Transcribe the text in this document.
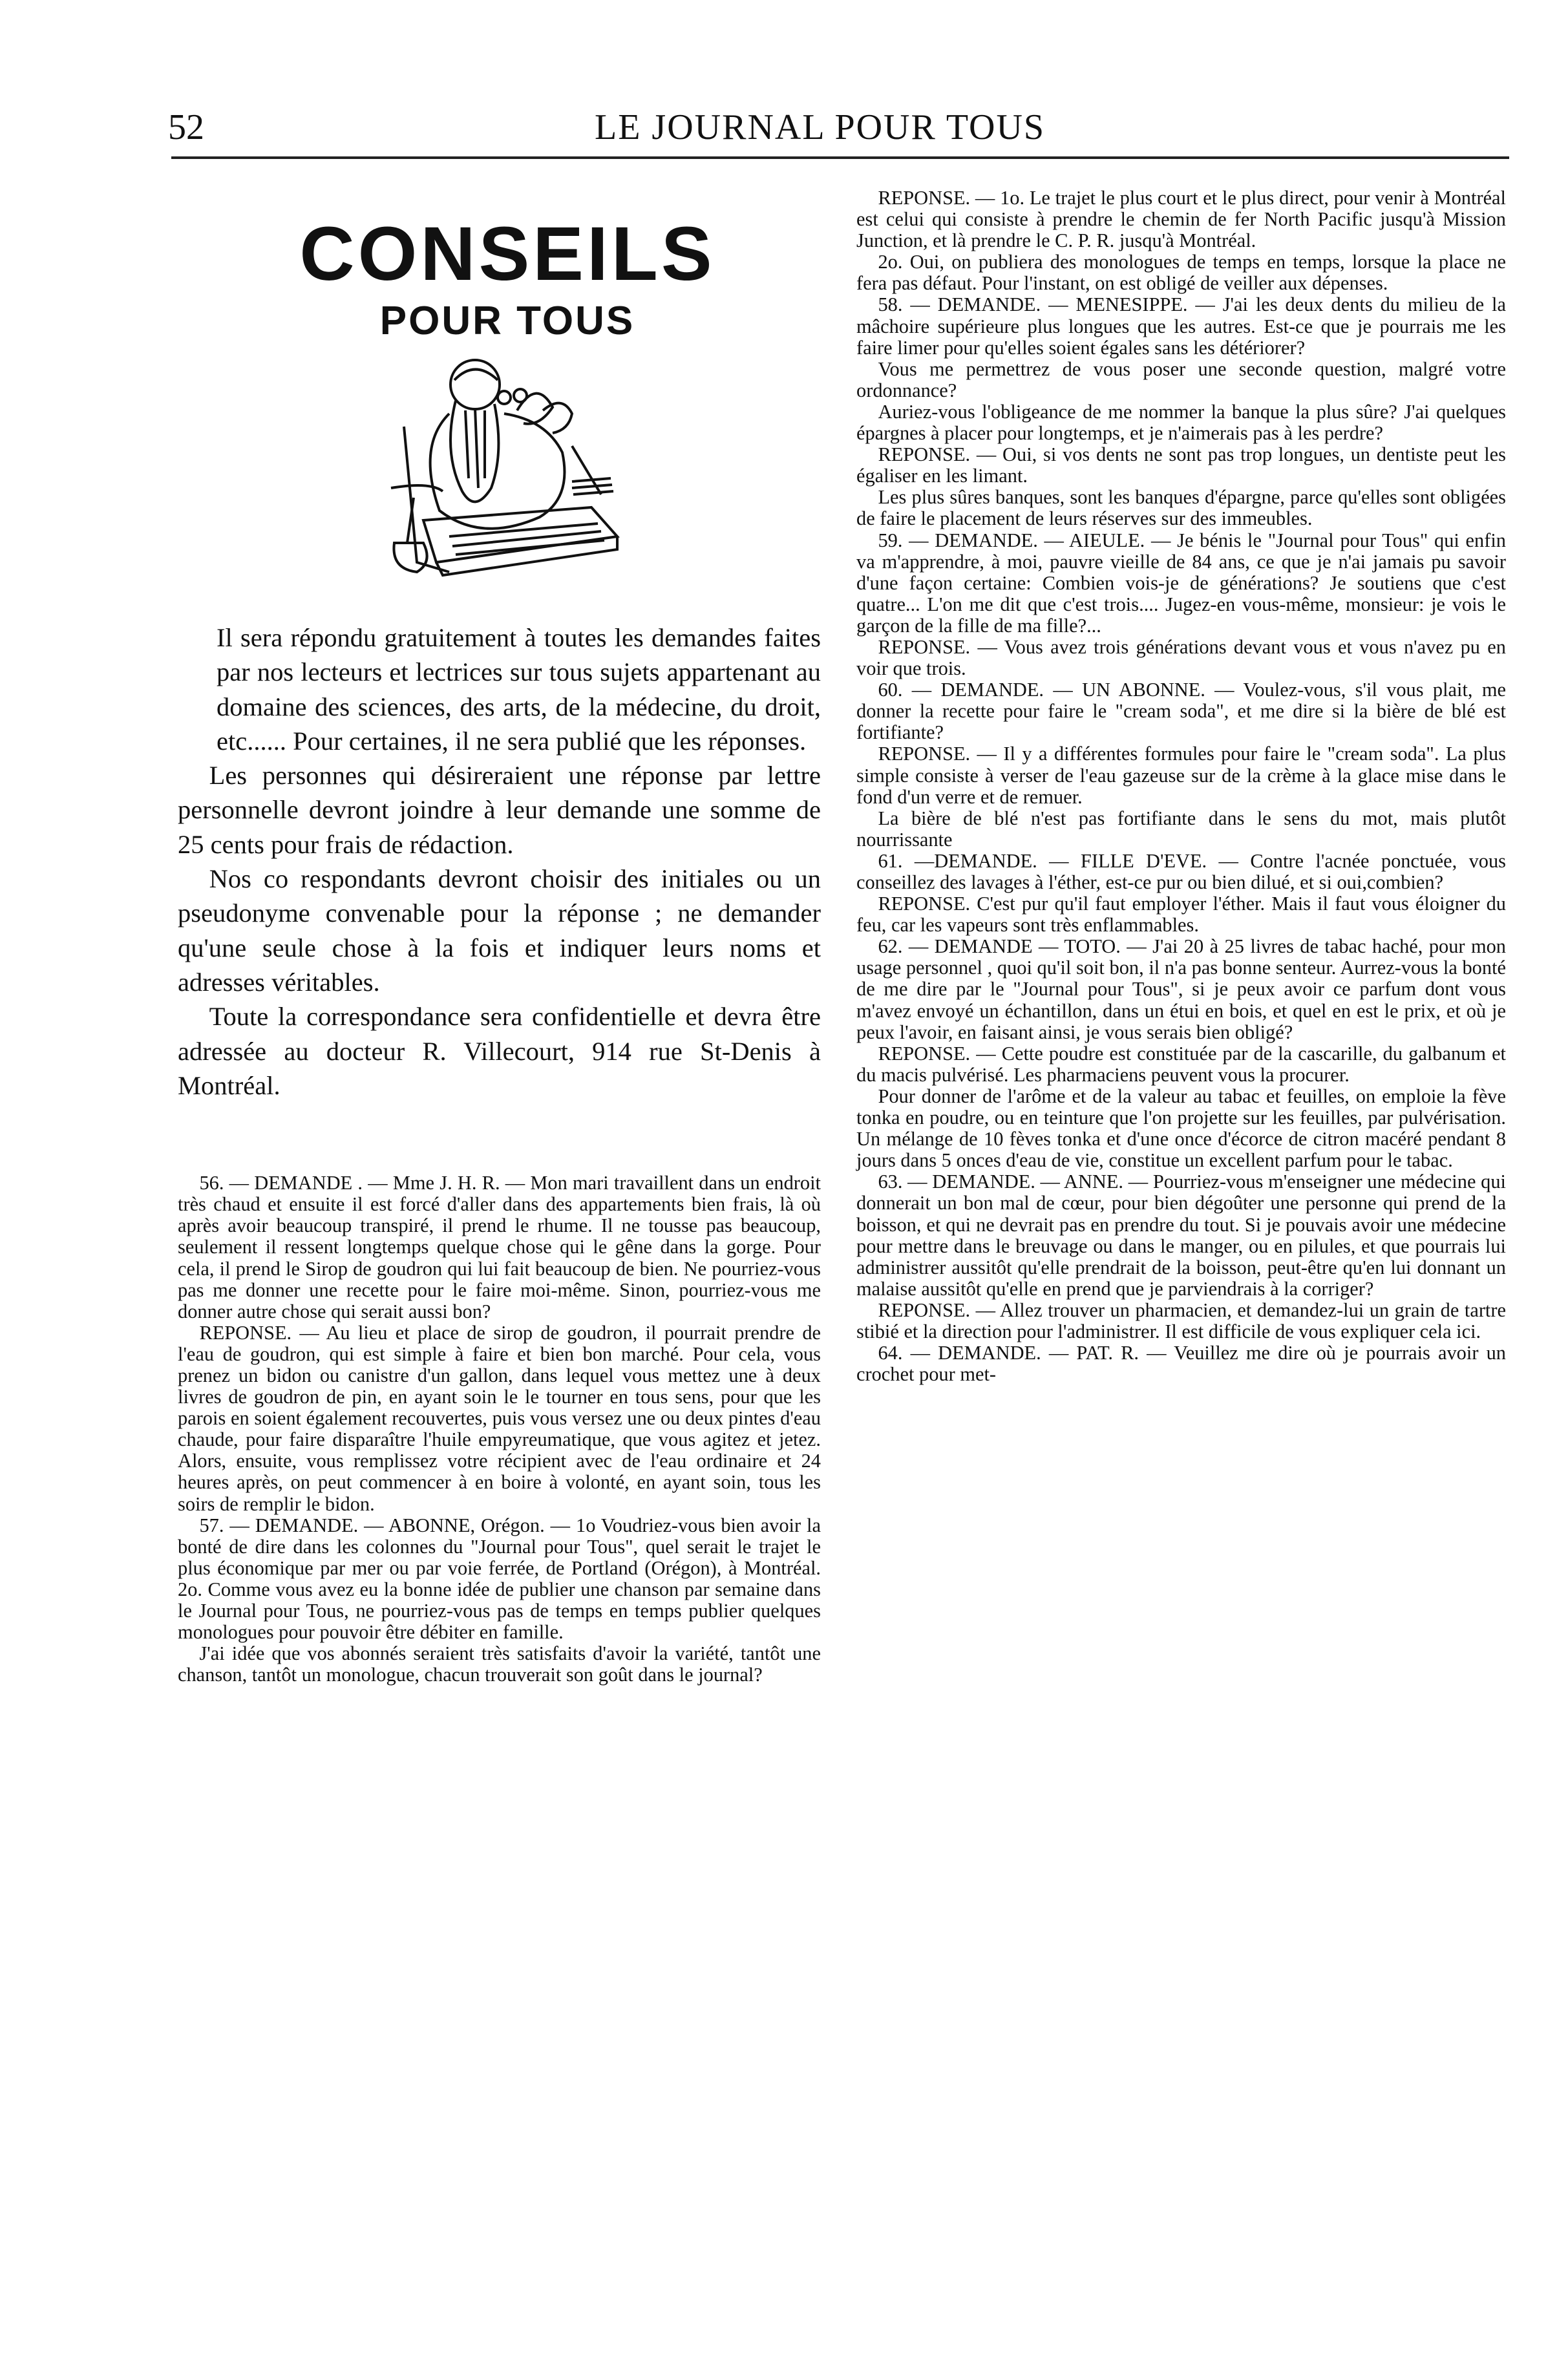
52	LE JOURNAL POUR TOUS
CONSEILS
POUR TOUS

Il sera répondu gratuitement à toutes les demandes faites par nos lecteurs et lectrices sur tous sujets appartenant au domaine des sciences, des arts, de la médecine, du droit, etc...... Pour certaines, il ne sera publié que les réponses.

Les personnes qui désireraient une réponse par lettre personnelle devront joindre à leur demande une somme de 25 cents pour frais de rédaction.

Nos co respondants devront choisir des initiales ou un pseudonyme convenable pour la réponse ; ne demander qu'une seule chose à la fois et indiquer leurs noms et adresses véritables.

Toute la correspondance sera confidentielle et devra être adressée au docteur R. Villecourt, 914 rue St-Denis à Montréal.

56. — DEMANDE . — Mme J. H. R. — Mon mari travaillent dans un endroit très chaud et ensuite il est forcé d'aller dans des appartements bien frais, là où après avoir beaucoup transpiré, il prend le rhume. Il ne tousse pas beaucoup, seulement il ressent longtemps quelque chose qui le gêne dans la gorge. Pour cela, il prend le Sirop de goudron qui lui fait beaucoup de bien. Ne pourriez-vous pas me donner une recette pour le faire moi-même. Sinon, pourriez-vous me donner autre chose qui serait aussi bon?

REPONSE. — Au lieu et place de sirop de goudron, il pourrait prendre de l'eau de goudron, qui est simple à faire et bien bon marché. Pour cela, vous prenez un bidon ou canistre d'un gallon, dans lequel vous mettez une à deux livres de goudron de pin, en ayant soin le le tourner en tous sens, pour que les parois en soient également recouvertes, puis vous versez une ou deux pintes d'eau chaude, pour faire disparaître l'huile empyreumatique, que vous agitez et jetez. Alors, ensuite, vous remplissez votre récipient avec de l'eau ordinaire et 24 heures après, on peut commencer à en boire à volonté, en ayant soin, tous les soirs de remplir le bidon.

57. — DEMANDE. — ABONNE, Orégon. — 1o Voudriez-vous bien avoir la bonté de dire dans les colonnes du "Journal pour Tous", quel serait le trajet le plus économique par mer ou par voie ferrée, de Portland (Orégon), à Montréal. 2o. Comme vous avez eu la bonne idée de publier une chanson par semaine dans le Journal pour Tous, ne pourriez-vous pas de temps en temps publier quelques monologues pour pouvoir être débiter en famille.

J'ai idée que vos abonnés seraient très satisfaits d'avoir la variété, tantôt une chanson, tantôt un monologue, chacun trouverait son goût dans le journal?

REPONSE. — 1o. Le trajet le plus court et le plus direct, pour venir à Montréal est celui qui consiste à prendre le chemin de fer North Pacific jusqu'à Mission Junction, et là prendre le C. P. R. jusqu'à Montréal.

2o. Oui, on publiera des monologues de temps en temps, lorsque la place ne fera pas défaut. Pour l'instant, on est obligé de veiller aux dépenses.

58. — DEMANDE. — MENESIPPE. — J'ai les deux dents du milieu de la mâchoire supérieure plus longues que les autres. Est-ce que je pourrais me les faire limer pour qu'elles soient égales sans les détériorer?

Vous me permettrez de vous poser une seconde question, malgré votre ordonnance?

Auriez-vous l'obligeance de me nommer la banque la plus sûre? J'ai quelques épargnes à placer pour longtemps, et je n'aimerais pas à les perdre?

REPONSE. — Oui, si vos dents ne sont pas trop longues, un dentiste peut les égaliser en les limant.

Les plus sûres banques, sont les banques d'épargne, parce qu'elles sont obligées de faire le placement de leurs réserves sur des immeubles.

59. — DEMANDE. — AIEULE. — Je bénis le "Journal pour Tous" qui enfin va m'apprendre, à moi, pauvre vieille de 84 ans, ce que je n'ai jamais pu savoir d'une façon certaine: Combien vois-je de générations? Je soutiens que c'est quatre... L'on me dit que c'est trois.... Jugez-en vous-même, monsieur: je vois le garçon de la fille de ma fille?...

REPONSE. — Vous avez trois générations devant vous et vous n'avez pu en voir que trois.

60. — DEMANDE. — UN ABONNE. — Voulez-vous, s'il vous plait, me donner la recette pour faire le "cream soda", et me dire si la bière de blé est fortifiante?

REPONSE. — Il y a différentes formules pour faire le "cream soda". La plus simple consiste à verser de l'eau gazeuse sur de la crème à la glace mise dans le fond d'un verre et de remuer.

La bière de blé n'est pas fortifiante dans le sens du mot, mais plutôt nourrissante

61. —DEMANDE. — FILLE D'EVE. — Contre l'acnée ponctuée, vous conseillez des lavages à l'éther, est-ce pur ou bien dilué, et si oui,combien?

REPONSE. C'est pur qu'il faut employer l'éther. Mais il faut vous éloigner du feu, car les vapeurs sont très enflammables.

62. — DEMANDE — TOTO. — J'ai 20 à 25 livres de tabac haché, pour mon usage personnel , quoi qu'il soit bon, il n'a pas bonne senteur. Aurrez-vous la bonté de me dire par le "Journal pour Tous", si je peux avoir ce parfum dont vous m'avez envoyé un échantillon, dans un étui en bois, et quel en est le prix, et où je peux l'avoir, en faisant ainsi, je vous serais bien obligé?

REPONSE. — Cette poudre est constituée par de la cascarille, du galbanum et du macis pulvérisé. Les pharmaciens peuvent vous la procurer.

Pour donner de l'arôme et de la valeur au tabac et feuilles, on emploie la fève tonka en poudre, ou en teinture que l'on projette sur les feuilles, par pulvérisation. Un mélange de 10 fèves tonka et d'une once d'écorce de citron macéré pendant 8 jours dans 5 onces d'eau de vie, constitue un excellent parfum pour le tabac.

63. — DEMANDE. — ANNE. — Pourriez-vous m'enseigner une médecine qui donnerait un bon mal de cœur, pour bien dégoûter une personne qui prend de la boisson, et qui ne devrait pas en prendre du tout. Si je pouvais avoir une médecine pour mettre dans le breuvage ou dans le manger, ou en pilules, et que pourrais lui administrer aussitôt qu'elle prendrait de la boisson, peut-être qu'en lui donnant un malaise aussitôt qu'elle en prend que je parviendrais à la corriger?

REPONSE. — Allez trouver un pharmacien, et demandez-lui un grain de tartre stibié et la direction pour l'administrer. Il est difficile de vous expliquer cela ici.

64. — DEMANDE. — PAT. R. — Veuillez me dire où je pourrais avoir un crochet pour met-
